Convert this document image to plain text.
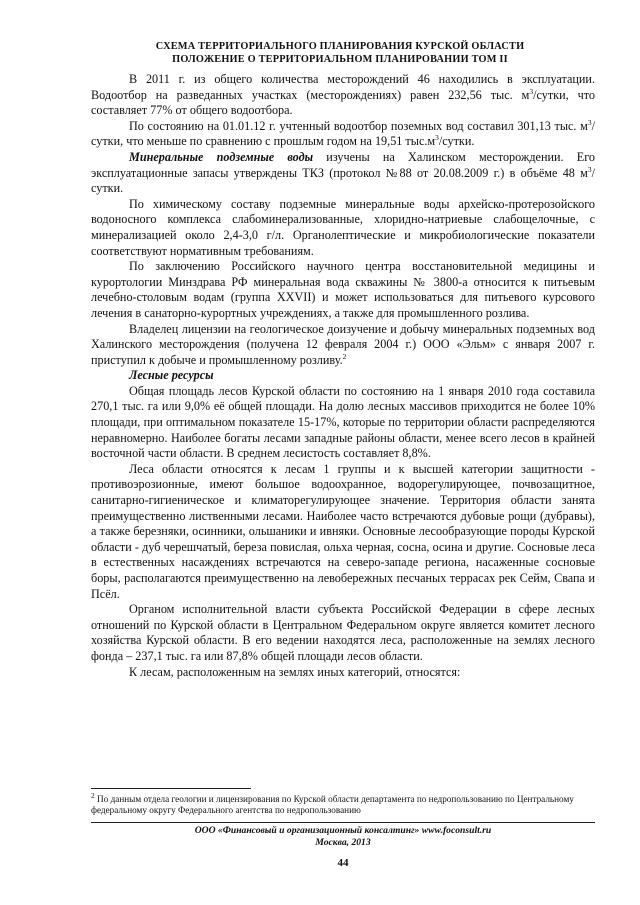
СХЕМА ТЕРРИТОРИАЛЬНОГО ПЛАНИРОВАНИЯ КУРСКОЙ ОБЛАСТИ
ПОЛОЖЕНИЕ О ТЕРРИТОРИАЛЬНОМ ПЛАНИРОВАНИИ ТОМ II

В 2011 г. из общего количества месторождений 46 находились в эксплуатации. Водоотбор на разведанных участках (месторождениях) равен 232,56 тыс. $м^3$/сутки, что составляет 77% от общего водоотбора.

По состоянию на 01.01.12 г. учтенный водоотбор поземных вод составил 301,13 тыс. $м^3$/сутки, что меньше по сравнению с прошлым годом на 19,51 $тыс.м^3$/сутки.

Минеральные подземные воды изучены на Халинском месторождении. Его эксплуатационные запасы утверждены ТКЗ (протокол №88 от 20.08.2009 г.) в объёме 48 $м^3$/сутки.

По химическому составу подземные минеральные воды архейско-протерозойского водоносного комплекса слабоминерализованные, хлоридно-натриевые слабощелочные, с минерализацией около 2,4-3,0 г/л. Органолептические и микробиологические показатели соответствуют нормативным требованиям.

По заключению Российского научного центра восстановительной медицины и курортологии Минздрава РФ минеральная вода скважины № 3800-а относится к питьевым лечебно-столовым водам (группа XXVII) и может использоваться для питьевого курсового лечения в санаторно-курортных учреждениях, а также для промышленного розлива.

Владелец лицензии на геологическое доизучение и добычу минеральных подземных вод Халинского месторождения (получена 12 февраля 2004 г.) ООО «Эльм» с января 2007 г. приступил к добыче и промышленному розливу.$^2$

Лесные ресурсы

Общая площадь лесов Курской области по состоянию на 1 января 2010 года составила 270,1 тыс. га или 9,0% её общей площади. На долю лесных массивов приходится не более 10% площади, при оптимальном показателе 15-17%, которые по территории области распределяются неравномерно. Наиболее богаты лесами западные районы области, менее всего лесов в крайней восточной части области. В среднем лесистость составляет 8,8%.

Леса области относятся к лесам 1 группы и к высшей категории защитности - противоэрозионные, имеют большое водоохранное, водорегулирующее, почвозащитное, санитарно-гигиеническое и климаторегулирующее значение. Территория области занята преимущественно лиственными лесами. Наиболее часто встречаются дубовые рощи (дубравы), а также березняки, осинники, ольшаники и ивняки. Основные лесообразующие породы Курской области - дуб черешчатый, береза повислая, ольха черная, сосна, осина и другие. Сосновые леса в естественных насаждениях встречаются на северо-западе региона, насаженные сосновые боры, располагаются преимущественно на левобережных песчаных террасах рек Сейм, Свапа и Псёл.

Органом исполнительной власти субъекта Российской Федерации в сфере лесных отношений по Курской области в Центральном Федеральном округе является комитет лесного хозяйства Курской области. В его ведении находятся леса, расположенные на землях лесного фонда – 237,1 тыс. га или 87,8% общей площади лесов области.

К лесам, расположенным на землях иных категорий, относятся:

$^2$ По данным отдела геологии и лицензирования по Курской области департамента по недропользованию по Центральному федеральному округу Федерального агентства по недропользованию
ООО «Финансовый и организационный консалтинг» www.foconsult.ru
Москва, 2013
44
